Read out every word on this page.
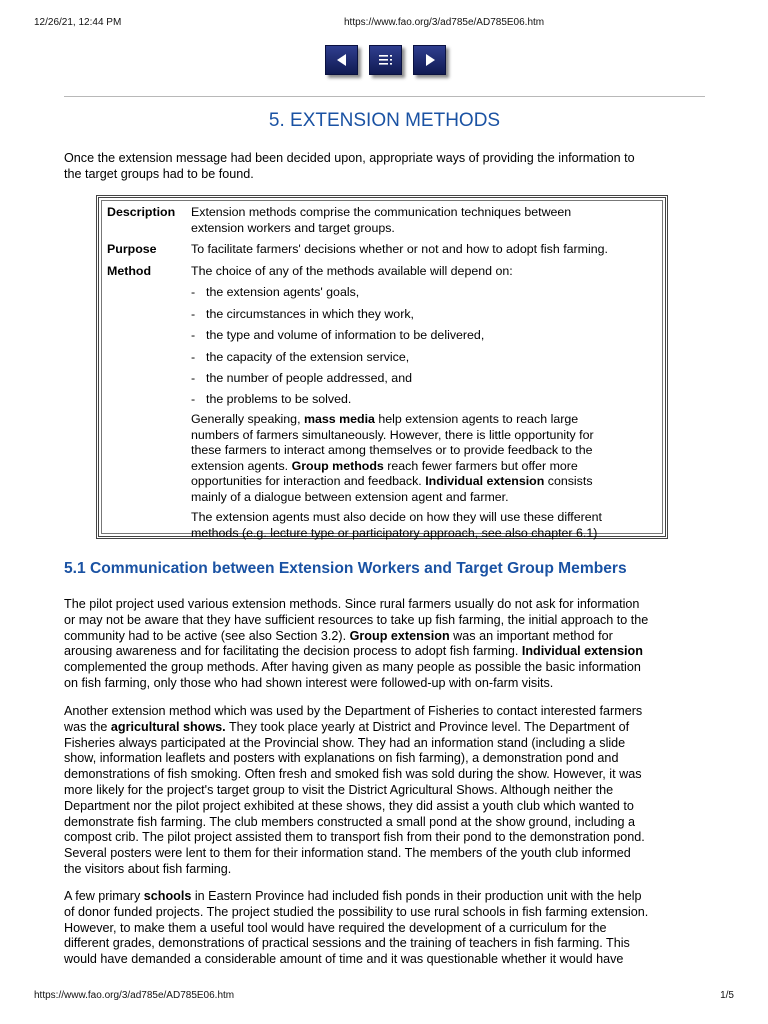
12/26/21, 12:44 PM	https://www.fao.org/3/ad785e/AD785E06.htm
5. EXTENSION METHODS

Once the extension message had been decided upon, appropriate ways of providing the information to
the target groups had to be found.

Description Extension methods comprise the communication techniques between
extension workers and target groups.

Purpose	To facilitate farmers' decisions whether or not and how to adopt fish farming.

Method	The choice of any of the methods available will depend on:

- the extension agents' goals,
- the circumstances in which they work,
- the type and volume of information to be delivered,
- the capacity of the extension service,
- the number of people addressed, and
- the problems to be solved.

Generally speaking, mass media help extension agents to reach large
numbers of farmers simultaneously. However, there is little opportunity for
these farmers to interact among themselves or to provide feedback to the
extension agents. Group methods reach fewer farmers but offer more
opportunities for interaction and feedback. Individual extension consists
mainly of a dialogue between extension agent and farmer.

The extension agents must also decide on how they will use these different
methods (e.g. lecture type or participatory approach, see also chapter 6.1)

5.1 Communication between Extension Workers and Target Group Members

The pilot project used various extension methods. Since rural farmers usually do not ask for information
or may not be aware that they have sufficient resources to take up fish farming, the initial approach to the
community had to be active (see also Section 3.2). Group extension was an important method for
arousing awareness and for facilitating the decision process to adopt fish farming. Individual extension
complemented the group methods. After having given as many people as possible the basic information
on fish farming, only those who had shown interest were followed-up with on-farm visits.

Another extension method which was used by the Department of Fisheries to contact interested farmers
was the agricultural shows. They took place yearly at District and Province level. The Department of
Fisheries always participated at the Provincial show. They had an information stand (including a slide
show, information leaflets and posters with explanations on fish farming), a demonstration pond and
demonstrations of fish smoking. Often fresh and smoked fish was sold during the show. However, it was
more likely for the project's target group to visit the District Agricultural Shows. Although neither the
Department nor the pilot project exhibited at these shows, they did assist a youth club which wanted to
demonstrate fish farming. The club members constructed a small pond at the show ground, including a
compost crib. The pilot project assisted them to transport fish from their pond to the demonstration pond.
Several posters were lent to them for their information stand. The members of the youth club informed
the visitors about fish farming.

A few primary schools in Eastern Province had included fish ponds in their production unit with the help
of donor funded projects. The project studied the possibility to use rural schools in fish farming extension.
However, to make them a useful tool would have required the development of a curriculum for the
different grades, demonstrations of practical sessions and the training of teachers in fish farming. This
would have demanded a considerable amount of time and it was questionable whether it would have

https://www.fao.org/3/ad785e/AD785E06.htm	1/5
